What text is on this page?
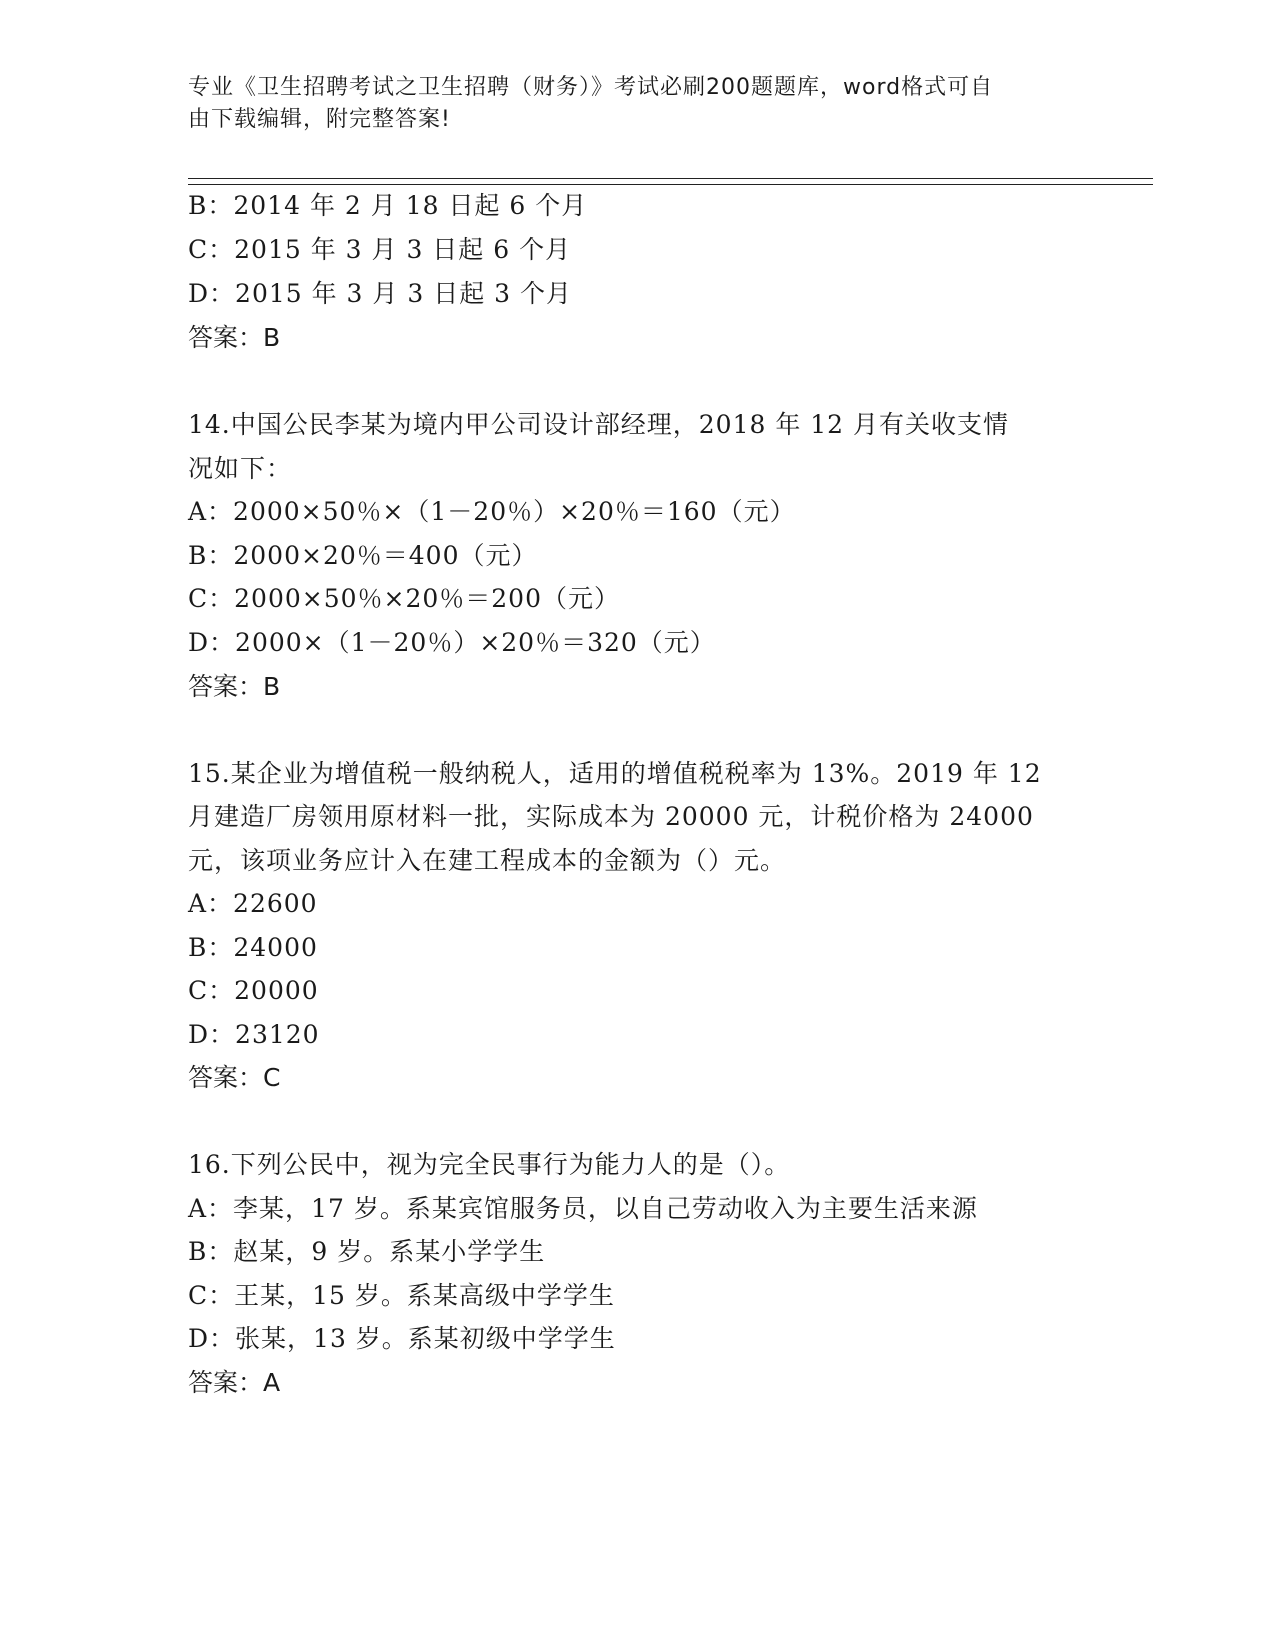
专业《卫生招聘考试之卫生招聘（财务）》考试必刷200题题库，word格式可自
由下载编辑，附完整答案!
B：2014 年 2 月 18 日起 6 个月
C：2015 年 3 月 3 日起 6 个月
D：2015 年 3 月 3 日起 3 个月
答案：B
14.中国公民李某为境内甲公司设计部经理，2018 年 12 月有关收支情
况如下：
A：2000×50％×（1－20％）×20％＝160（元）
B：2000×20％＝400（元）
C：2000×50％×20％＝200（元）
D：2000×（1－20％）×20％＝320（元）
答案：B
15.某企业为增值税一般纳税人，适用的增值税税率为 13%。2019 年 12
月建造厂房领用原材料一批，实际成本为 20000 元，计税价格为 24000
元，该项业务应计入在建工程成本的金额为（）元。
A：22600
B：24000
C：20000
D：23120
答案：C
16.下列公民中，视为完全民事行为能力人的是（）。
A：李某，17 岁。系某宾馆服务员，以自己劳动收入为主要生活来源
B：赵某，9 岁。系某小学学生
C：王某，15 岁。系某高级中学学生
D：张某，13 岁。系某初级中学学生
答案：A
